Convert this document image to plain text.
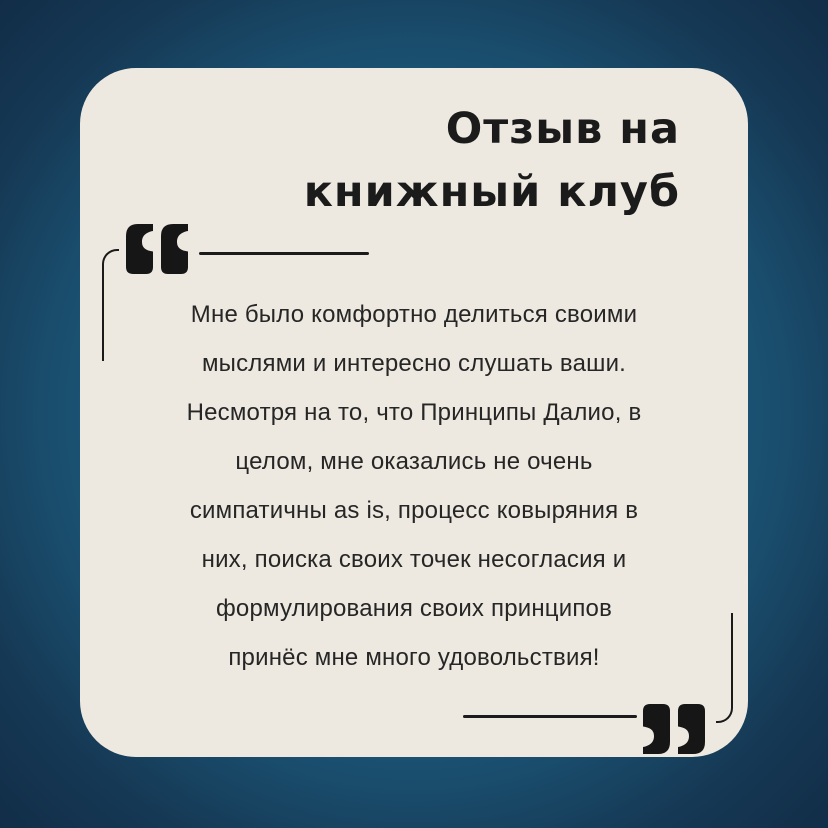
Отзыв на
книжный клуб
Мне было комфортно делиться своими
мыслями и интересно слушать ваши.
Несмотря на то, что Принципы Далио, в
целом, мне оказались не очень
симпатичны as is, процесс ковыряния в
них, поиска своих точек несогласия и
формулирования своих принципов
принёс мне много удовольствия!
